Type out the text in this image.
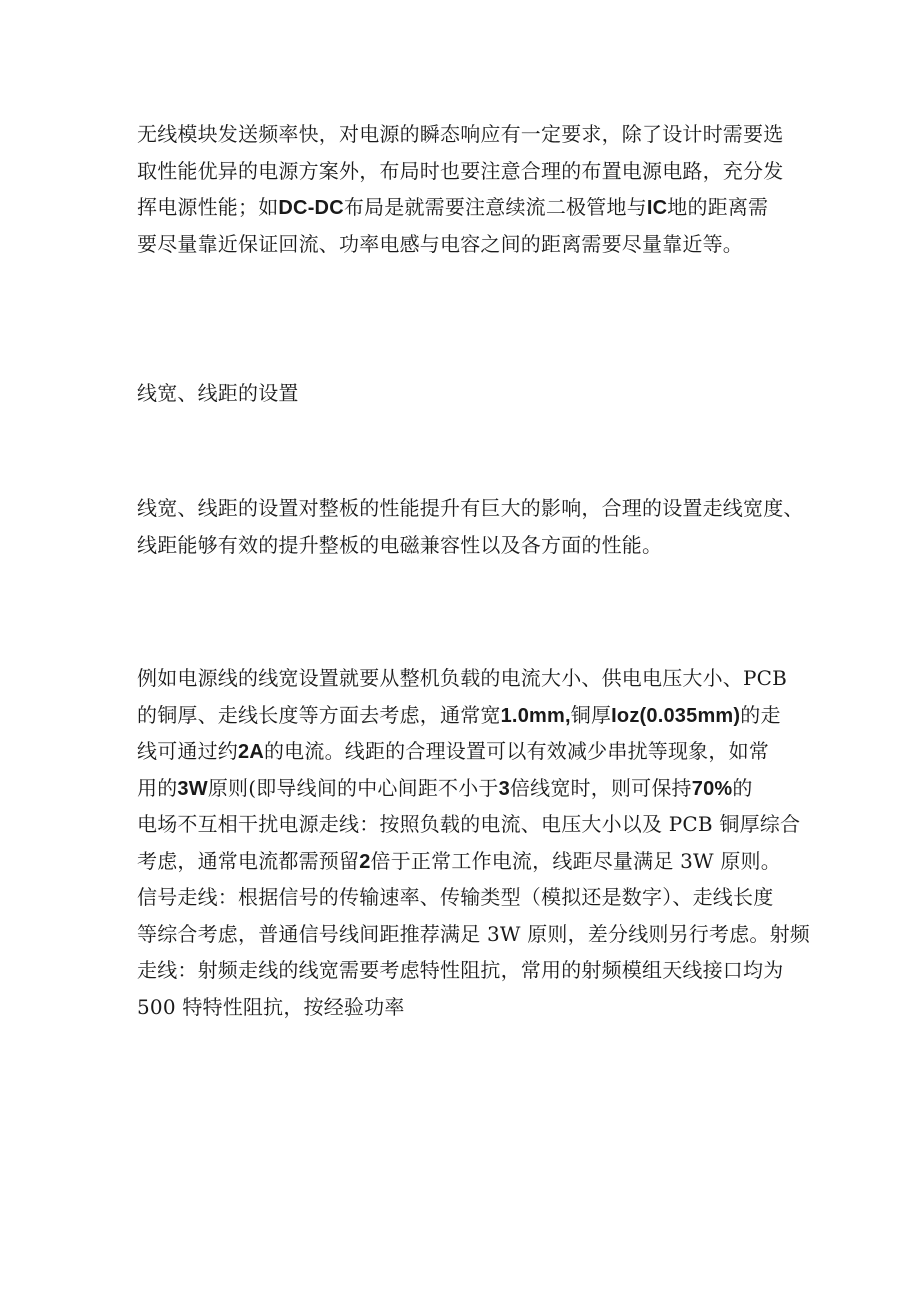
无线模块发送频率快，对电源的瞬态响应有一定要求，除了设计时需要选
取性能优异的电源方案外，布局时也要注意合理的布置电源电路，充分发
挥电源性能；如DC-DC布局是就需要注意续流二极管地与IC地的距离需
要尽量靠近保证回流、功率电感与电容之间的距离需要尽量靠近等。

线宽、线距的设置

线宽、线距的设置对整板的性能提升有巨大的影响，合理的设置走线宽度、
线距能够有效的提升整板的电磁兼容性以及各方面的性能。

例如电源线的线宽设置就要从整机负载的电流大小、供电电压大小、PCB
的铜厚、走线长度等方面去考虑，通常宽1.0mm,铜厚Ioz(0.035mm)的走
线可通过约2A的电流。线距的合理设置可以有效减少串扰等现象，如常
用的3W原则(即导线间的中心间距不小于3倍线宽时，则可保持70%的
电场不互相干扰电源走线：按照负载的电流、电压大小以及 PCB 铜厚综合
考虑，通常电流都需预留2倍于正常工作电流，线距尽量满足 3W 原则。
信号走线：根据信号的传输速率、传输类型（模拟还是数字）、走线长度
等综合考虑，普通信号线间距推荐满足 3W 原则，差分线则另行考虑。射频
走线：射频走线的线宽需要考虑特性阻抗，常用的射频模组天线接口均为
500 特特性阻抗，按经验功率
